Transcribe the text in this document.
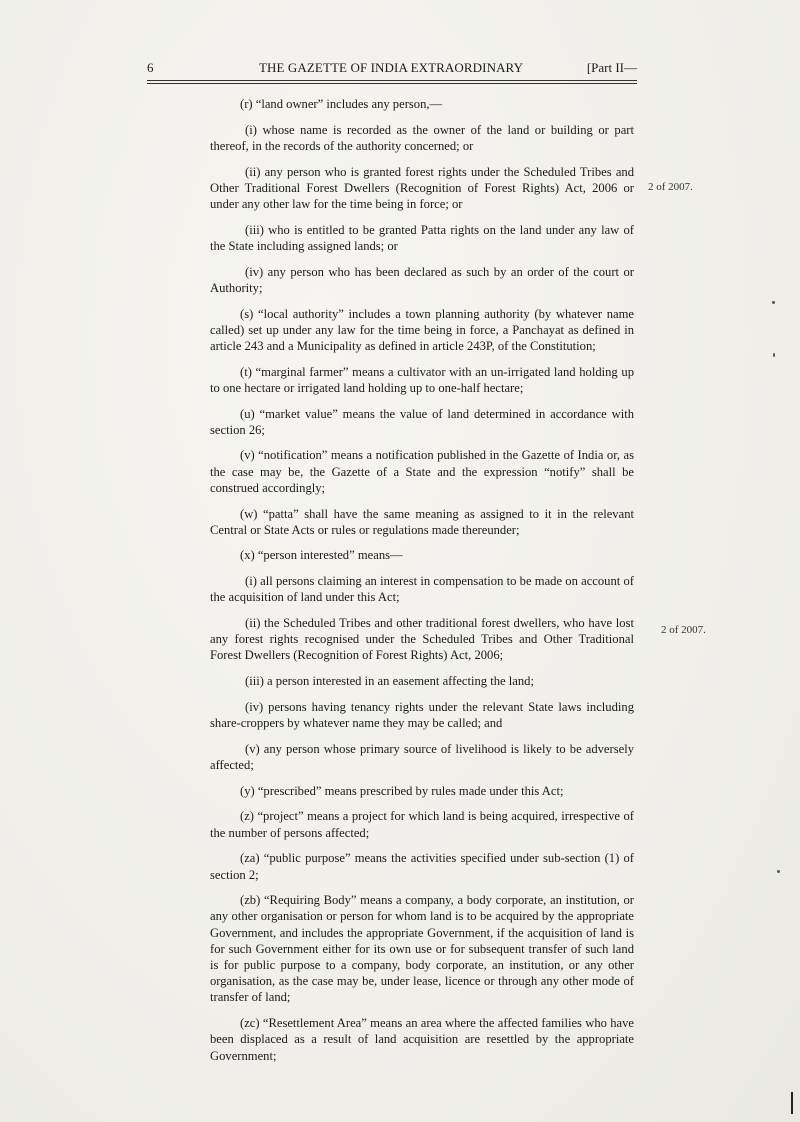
6	THE GAZETTE OF INDIA EXTRAORDINARY	[Part II—

(r) “land owner” includes any person,—

(i) whose name is recorded as the owner of the land or building or part thereof, in the records of the authority concerned; or

(ii) any person who is granted forest rights under the Scheduled Tribes and Other Traditional Forest Dwellers (Recognition of Forest Rights) Act, 2006 or under any other law for the time being in force; or

(iii) who is entitled to be granted Patta rights on the land under any law of the State including assigned lands; or

(iv) any person who has been declared as such by an order of the court or Authority;

(s) “local authority” includes a town planning authority (by whatever name called) set up under any law for the time being in force, a Panchayat as defined in article 243 and a Municipality as defined in article 243P, of the Constitution;

(t) “marginal farmer” means a cultivator with an un-irrigated land holding up to one hectare or irrigated land holding up to one-half hectare;

(u) “market value” means the value of land determined in accordance with section 26;

(v) “notification” means a notification published in the Gazette of India or, as the case may be, the Gazette of a State and the expression “notify” shall be construed accordingly;

(w) “patta” shall have the same meaning as assigned to it in the relevant Central or State Acts or rules or regulations made thereunder;

(x) “person interested” means—

(i) all persons claiming an interest in compensation to be made on account of the acquisition of land under this Act;

(ii) the Scheduled Tribes and other traditional forest dwellers, who have lost any forest rights recognised under the Scheduled Tribes and Other Traditional Forest Dwellers (Recognition of Forest Rights) Act, 2006;

(iii) a person interested in an easement affecting the land;

(iv) persons having tenancy rights under the relevant State laws including share-croppers by whatever name they may be called; and

(v) any person whose primary source of livelihood is likely to be adversely affected;

(y) “prescribed” means prescribed by rules made under this Act;

(z) “project” means a project for which land is being acquired, irrespective of the number of persons affected;

(za) “public purpose” means the activities specified under sub-section (1) of section 2;

(zb) “Requiring Body” means a company, a body corporate, an institution, or any other organisation or person for whom land is to be acquired by the appropriate Government, and includes the appropriate Government, if the acquisition of land is for such Government either for its own use or for subsequent transfer of such land is for public purpose to a company, body corporate, an institution, or any other organisation, as the case may be, under lease, licence or through any other mode of transfer of land;

(zc) “Resettlement Area” means an area where the affected families who have been displaced as a result of land acquisition are resettled by the appropriate Government;

2 of 2007.
2 of 2007.
